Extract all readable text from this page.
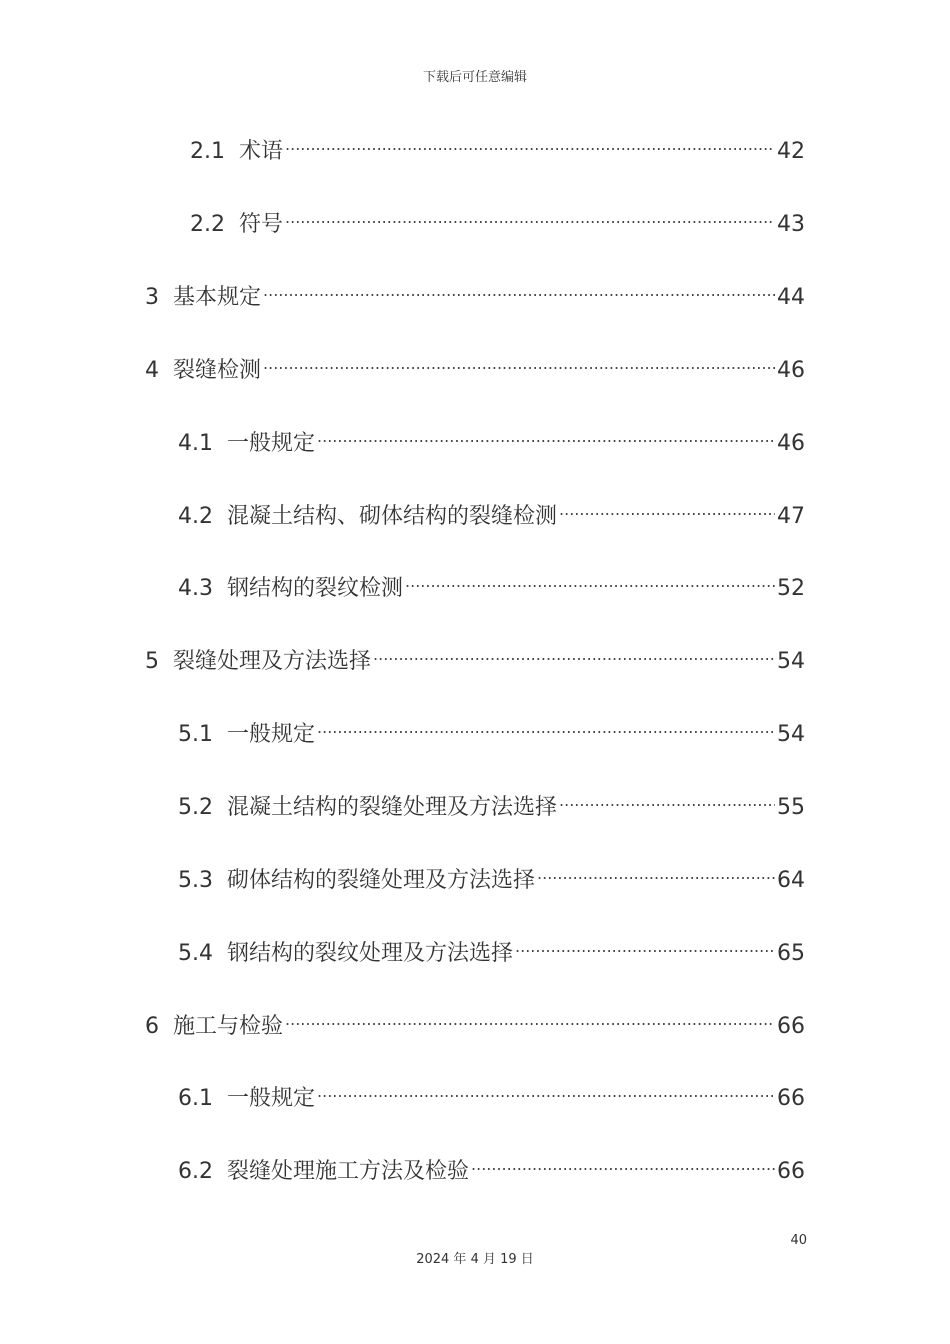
下载后可任意编辑
2.1 术语 .....	42
2.2 符号 .....	43
3 基本规定 .....	44
4 裂缝检测 .....	46
4.1 一般规定 .....	46
4.2 混凝土结构、砌体结构的裂缝检测 .....	47
4.3 钢结构的裂纹检测 .....	52
5 裂缝处理及方法选择 .....	54
5.1 一般规定 .....	54
5.2 混凝土结构的裂缝处理及方法选择 .....	55
5.3 砌体结构的裂缝处理及方法选择 .....	64
5.4 钢结构的裂纹处理及方法选择 .....	65
6 施工与检验 .....	66
6.1 一般规定 .....	66
6.2 裂缝处理施工方法及检验 .....	66
40
2024 年 4 月 19 日
